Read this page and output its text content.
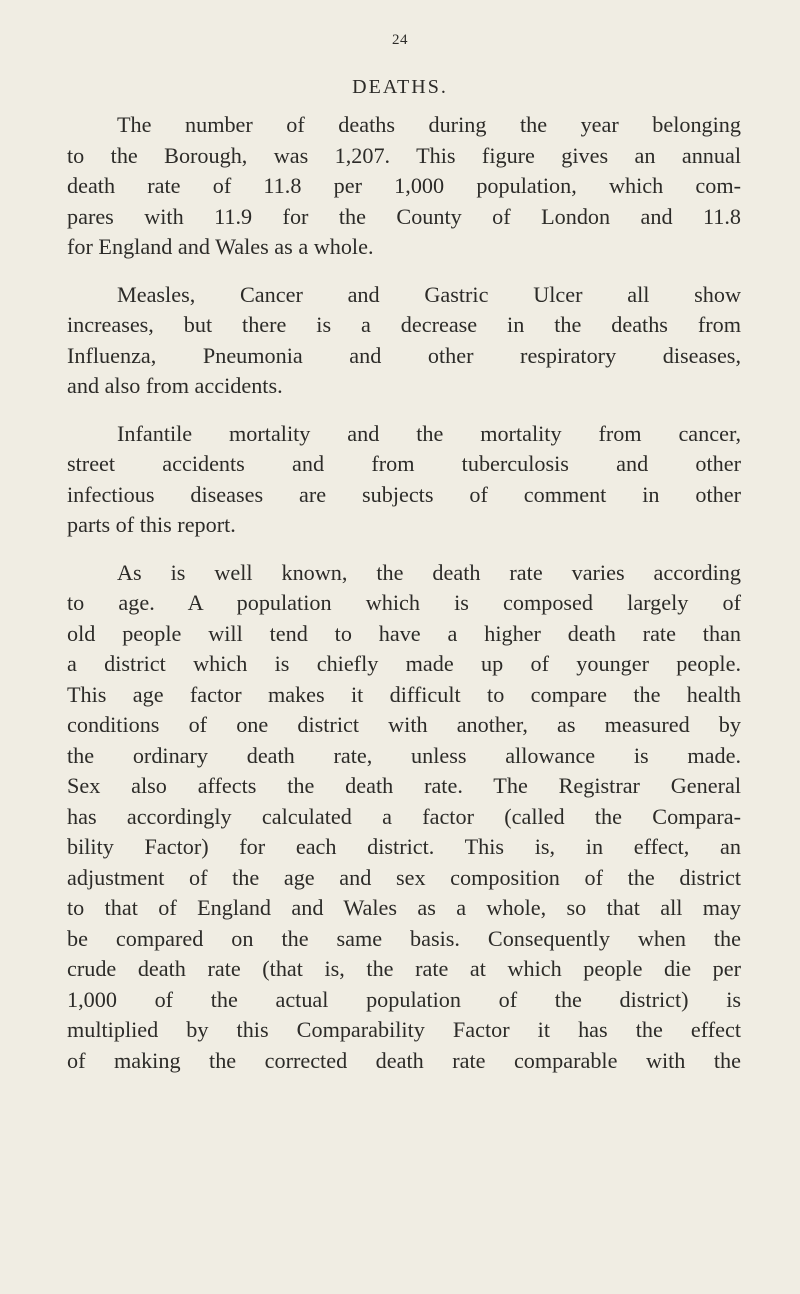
24
DEATHS.

The number of deaths during the year belonging
to the Borough, was 1,207. This figure gives an annual
death rate of 11.8 per 1,000 population, which com-
pares with 11.9 for the County of London and 11.8
for England and Wales as a whole.

Measles, Cancer and Gastric Ulcer all show
increases, but there is a decrease in the deaths from
Influenza, Pneumonia and other respiratory diseases,
and also from accidents.

Infantile mortality and the mortality from cancer,
street accidents and from tuberculosis and other
infectious diseases are subjects of comment in other
parts of this report.

As is well known, the death rate varies according
to age. A population which is composed largely of
old people will tend to have a higher death rate than
a district which is chiefly made up of younger people.
This age factor makes it difficult to compare the health
conditions of one district with another, as measured by
the ordinary death rate, unless allowance is made.
Sex also affects the death rate. The Registrar General
has accordingly calculated a factor (called the Compara-
bility Factor) for each district. This is, in effect, an
adjustment of the age and sex composition of the district
to that of England and Wales as a whole, so that all may
be compared on the same basis. Consequently when the
crude death rate (that is, the rate at which people die per
1,000 of the actual population of the district) is
multiplied by this Comparability Factor it has the effect
of making the corrected death rate comparable with the
